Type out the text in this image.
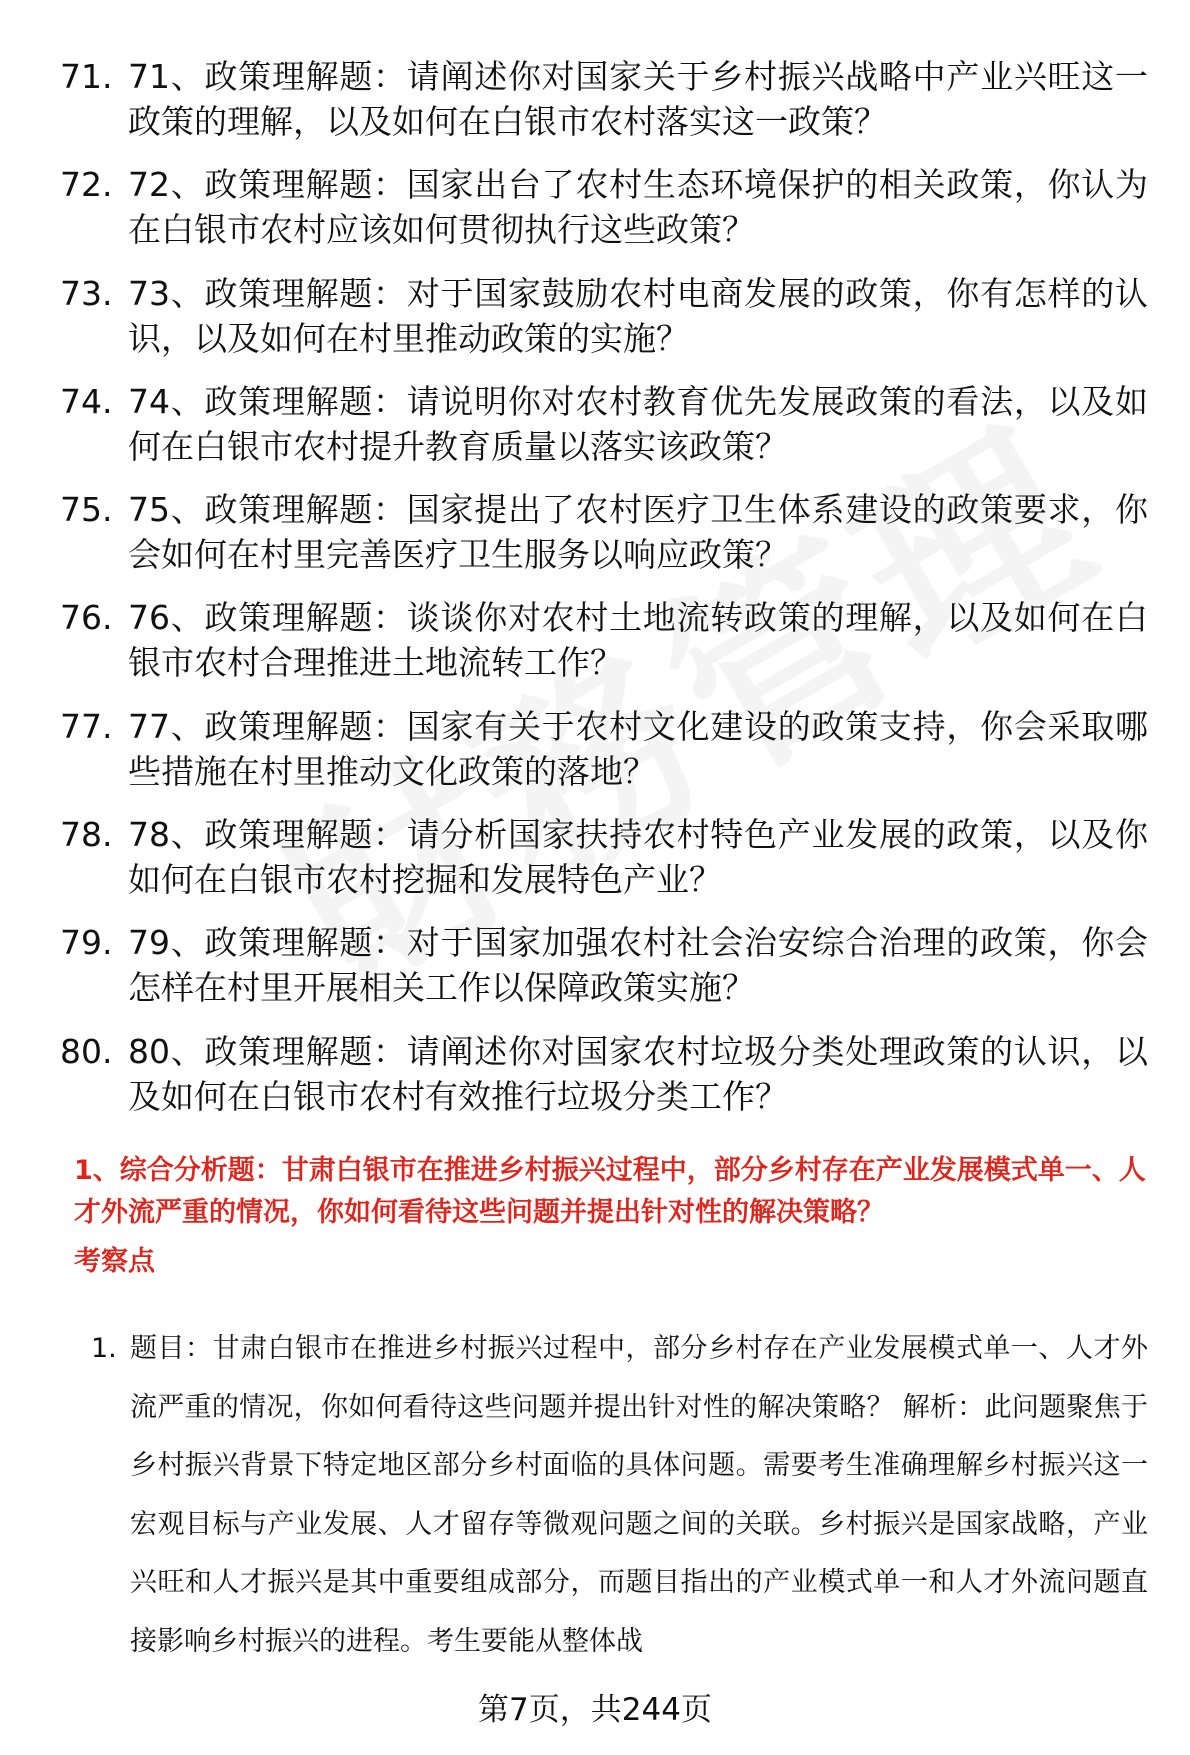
71. 71、政策理解题：请阐述你对国家关于乡村振兴战略中产业兴旺这一政策的理解，以及如何在白银市农村落实这一政策？
72. 72、政策理解题：国家出台了农村生态环境保护的相关政策，你认为在白银市农村应该如何贯彻执行这些政策？
73. 73、政策理解题：对于国家鼓励农村电商发展的政策，你有怎样的认识，以及如何在村里推动政策的实施？
74. 74、政策理解题：请说明你对农村教育优先发展政策的看法，以及如何在白银市农村提升教育质量以落实该政策？
75. 75、政策理解题：国家提出了农村医疗卫生体系建设的政策要求，你会如何在村里完善医疗卫生服务以响应政策？
76. 76、政策理解题：谈谈你对农村土地流转政策的理解，以及如何在白银市农村合理推进土地流转工作？
77. 77、政策理解题：国家有关于农村文化建设的政策支持，你会采取哪些措施在村里推动文化政策的落地？
78. 78、政策理解题：请分析国家扶持农村特色产业发展的政策，以及你如何在白银市农村挖掘和发展特色产业？
79. 79、政策理解题：对于国家加强农村社会治安综合治理的政策，你会怎样在村里开展相关工作以保障政策实施？
80. 80、政策理解题：请阐述你对国家农村垃圾分类处理政策的认识，以及如何在白银市农村有效推行垃圾分类工作？
1、综合分析题：甘肃白银市在推进乡村振兴过程中，部分乡村存在产业发展模式单一、人才外流严重的情况，你如何看待这些问题并提出针对性的解决策略？
考察点
1. 题目：甘肃白银市在推进乡村振兴过程中，部分乡村存在产业发展模式单一、人才外流严重的情况，你如何看待这些问题并提出针对性的解决策略？ 解析：此问题聚焦于乡村振兴背景下特定地区部分乡村面临的具体问题。需要考生准确理解乡村振兴这一宏观目标与产业发展、人才留存等微观问题之间的关联。乡村振兴是国家战略，产业兴旺和人才振兴是其中重要组成部分，而题目指出的产业模式单一和人才外流问题直接影响乡村振兴的进程。考生要能从整体战
第7页，共244页
